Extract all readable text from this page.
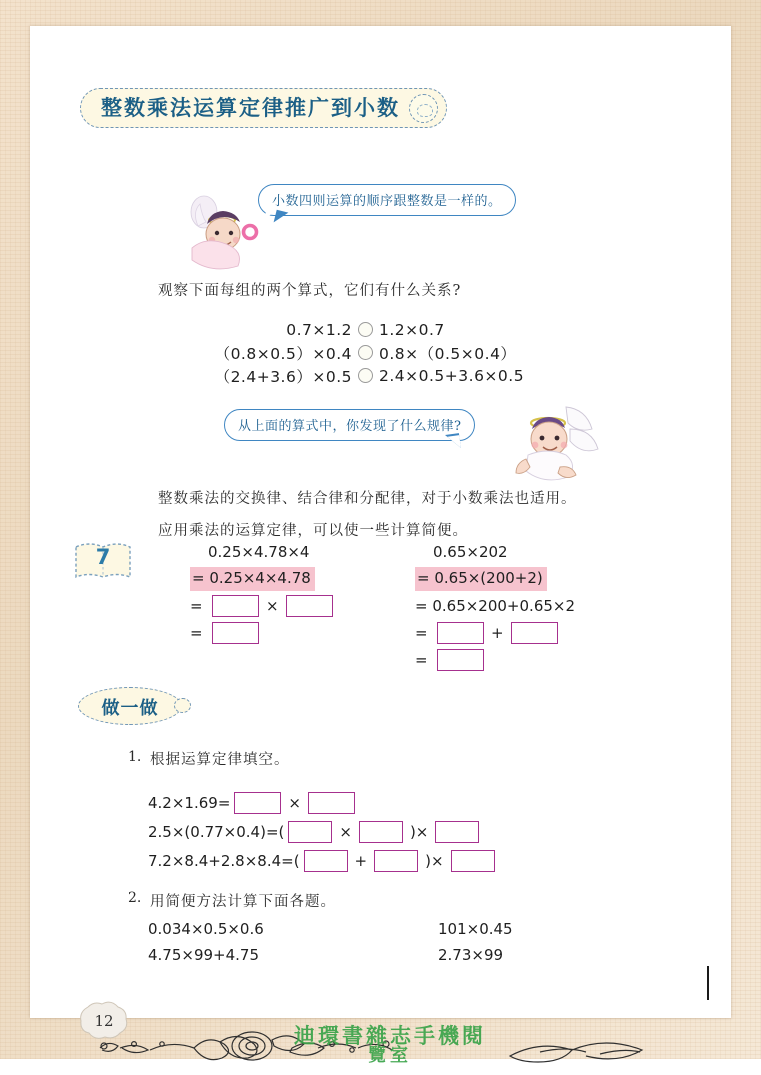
整数乘法运算定律推广到小数
小数四则运算的顺序跟整数是一样的。
观察下面每组的两个算式，它们有什么关系?
0.7×1.2	1.2×0.7
（0.8×0.5）×0.4	0.8×（0.5×0.4）
（2.4+3.6）×0.5	2.4×0.5+3.6×0.5
从上面的算式中，你发现了什么规律?
整数乘法的交换律、结合律和分配律，对于小数乘法也适用。
应用乘法的运算定律，可以使一些计算简便。
7	0.25×4.78×4
= 0.25×4×4.78
=	×
=
0.65×202
= 0.65×(200+2)
= 0.65×200+0.65×2
=	+
=
做一做
1. 根据运算定律填空。
4.2×1.69=	×
2.5×(0.77×0.4)=(	×	)×
7.2×8.4+2.8×8.4=(	+	)×
2. 用简便方法计算下面各题。
0.034×0.5×0.6	101×0.45
4.75×99+4.75	2.73×99
12
迪環書雜志手機閱
覽室
